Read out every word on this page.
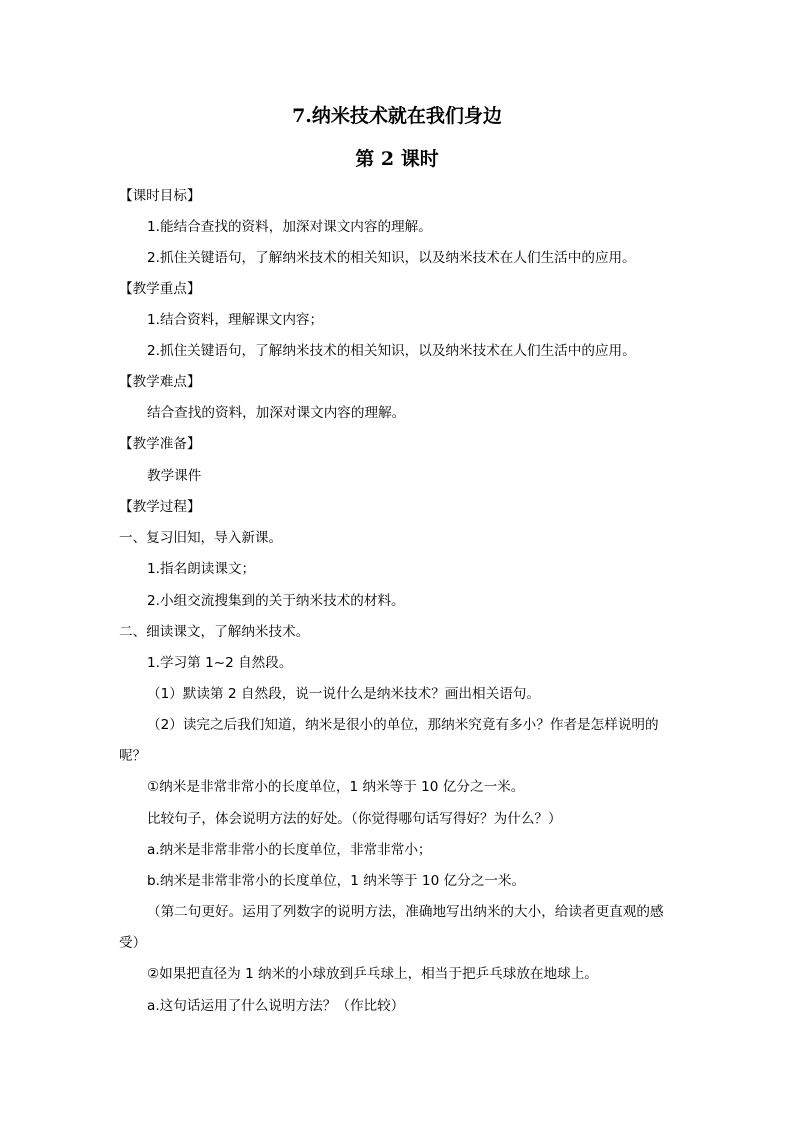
7.纳米技术就在我们身边
第 2 课时
【课时目标】
1.能结合查找的资料，加深对课文内容的理解。
2.抓住关键语句，了解纳米技术的相关知识，以及纳米技术在人们生活中的应用。
【教学重点】
1.结合资料，理解课文内容；
2.抓住关键语句，了解纳米技术的相关知识，以及纳米技术在人们生活中的应用。
【教学难点】
结合查找的资料，加深对课文内容的理解。
【教学准备】
教学课件
【教学过程】
一、复习旧知，导入新课。
1.指名朗读课文；
2.小组交流搜集到的关于纳米技术的材料。
二、细读课文，了解纳米技术。
1.学习第 1~2 自然段。
（1）默读第 2 自然段，说一说什么是纳米技术？画出相关语句。
（2）读完之后我们知道，纳米是很小的单位，那纳米究竟有多小？作者是怎样说明的
呢？
①纳米是非常非常小的长度单位，1 纳米等于 10 亿分之一米。
比较句子，体会说明方法的好处。（你觉得哪句话写得好？为什么？）
a.纳米是非常非常小的长度单位，非常非常小；
b.纳米是非常非常小的长度单位，1 纳米等于 10 亿分之一米。
（第二句更好。运用了列数字的说明方法，准确地写出纳米的大小，给读者更直观的感
受）
②如果把直径为 1 纳米的小球放到乒乓球上，相当于把乒乓球放在地球上。
a.这句话运用了什么说明方法？（作比较）
